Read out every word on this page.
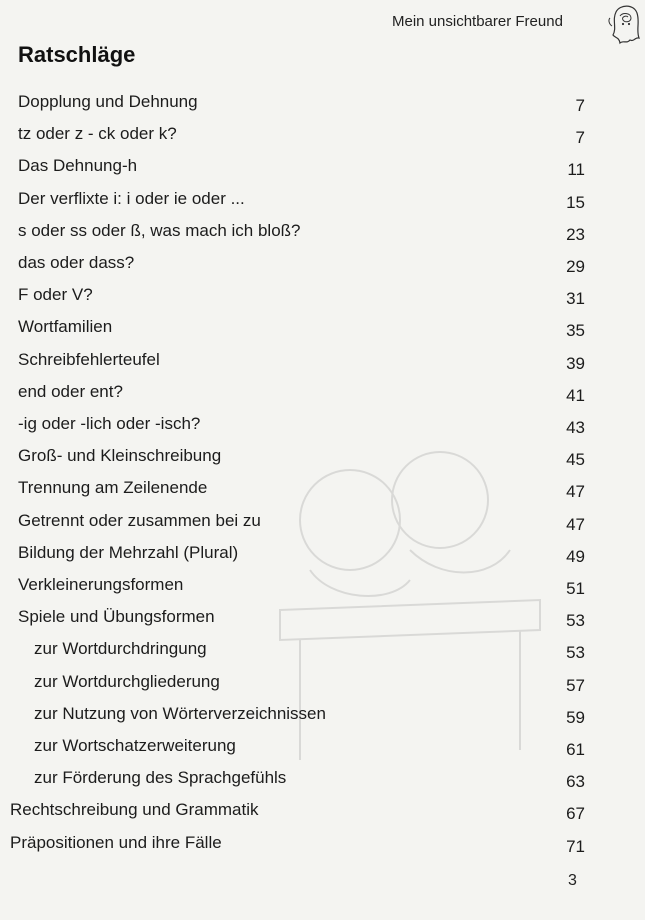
Mein unsichtbarer Freund
Ratschläge
Dopplung und Dehnung	7
tz oder z - ck oder k?	7
Das Dehnung-h	11
Der verflixte i: i oder ie oder ...	15
s oder ss oder ß, was mach ich bloß?	23
das oder dass?	29
F oder V?	31
Wortfamilien	35
Schreibfehlerteufel	39
end oder ent?	41
-ig oder -lich oder -isch?	43
Groß- und Kleinschreibung	45
Trennung am Zeilenende	47
Getrennt oder zusammen bei zu	47
Bildung der Mehrzahl (Plural)	49
Verkleinerungsformen	51
Spiele und Übungsformen	53
zur Wortdurchdringung	53
zur Wortdurchgliederung	57
zur Nutzung von Wörterverzeichnissen	59
zur Wortschatzerweiterung	61
zur Förderung des Sprachgefühls	63
Rechtschreibung und Grammatik	67
Präpositionen und ihre Fälle	71
3
